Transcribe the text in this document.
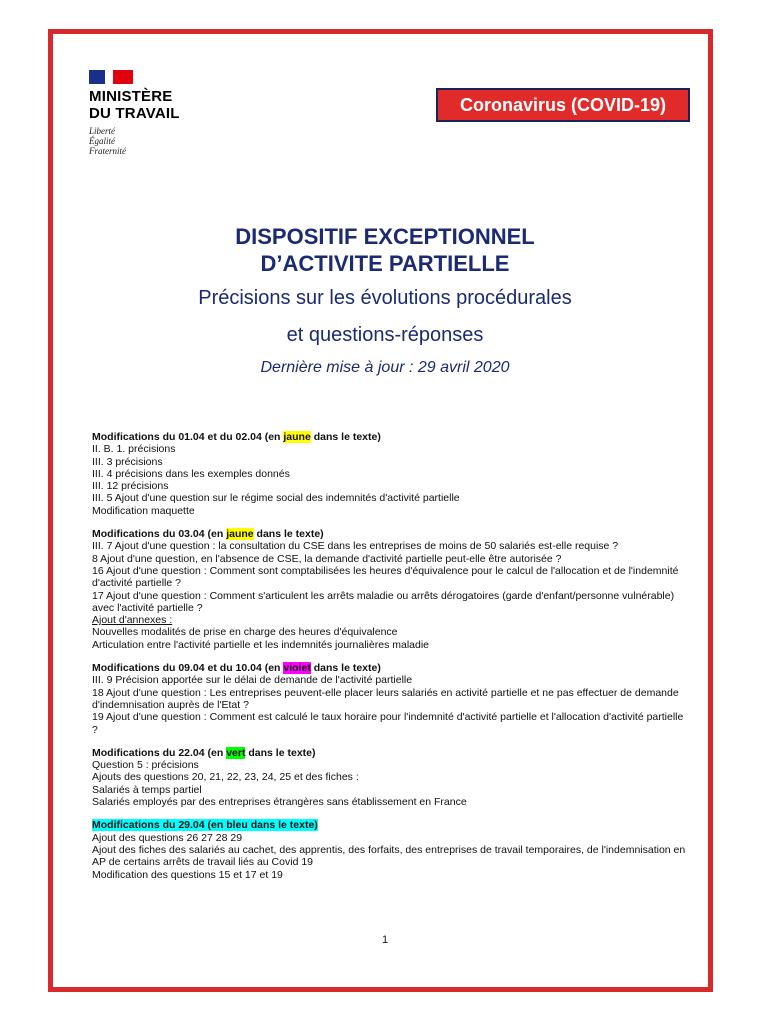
MINISTÈRE
DU TRAVAIL
Liberté
Égalité
Fraternité
Coronavirus (COVID-19)
DISPOSITIF EXCEPTIONNEL
D’ACTIVITE PARTIELLE
Précisions sur les évolutions procédurales
et questions-réponses
Dernière mise à jour : 29 avril 2020
Modifications du 01.04 et du 02.04 (en jaune dans le texte)
II. B. 1. précisions
III. 3 précisions
III. 4 précisions dans les exemples donnés
III. 12 précisions
III. 5 Ajout d'une question sur le régime social des indemnités d'activité partielle
Modification maquette
Modifications du 03.04 (en jaune dans le texte)
III. 7 Ajout d'une question : la consultation du CSE dans les entreprises de moins de 50 salariés est-elle requise ?
8 Ajout d'une question, en l'absence de CSE, la demande d'activité partielle peut-elle être autorisée ?
16 Ajout d'une question : Comment sont comptabilisées les heures d'équivalence pour le calcul de l'allocation et de l'indemnité d'activité partielle ?
17 Ajout d'une question : Comment s'articulent les arrêts maladie ou arrêts dérogatoires (garde d'enfant/personne vulnérable) avec l'activité partielle ?
Ajout d'annexes :
Nouvelles modalités de prise en charge des heures d'équivalence
Articulation entre l'activité partielle et les indemnités journalières maladie
Modifications du 09.04 et du 10.04 (en violet dans le texte)
III. 9 Précision apportée sur le délai de demande de l'activité partielle
18 Ajout d'une question : Les entreprises peuvent-elle placer leurs salariés en activité partielle et ne pas effectuer de demande d'indemnisation auprès de l'Etat ?
19 Ajout d'une question : Comment est calculé le taux horaire pour l'indemnité d'activité partielle et l'allocation d'activité partielle ?
Modifications du 22.04 (en vert dans le texte)
Question 5 : précisions
Ajouts des questions 20, 21, 22, 23, 24, 25 et des fiches :
Salariés à temps partiel
Salariés employés par des entreprises étrangères sans établissement en France
Modifications du 29.04 (en bleu dans le texte)
Ajout des questions 26 27 28 29
Ajout des fiches des salariés au cachet, des apprentis, des forfaits, des entreprises de travail temporaires, de l'indemnisation en AP de certains arrêts de travail liés au Covid 19
Modification des questions 15 et 17 et 19
1
